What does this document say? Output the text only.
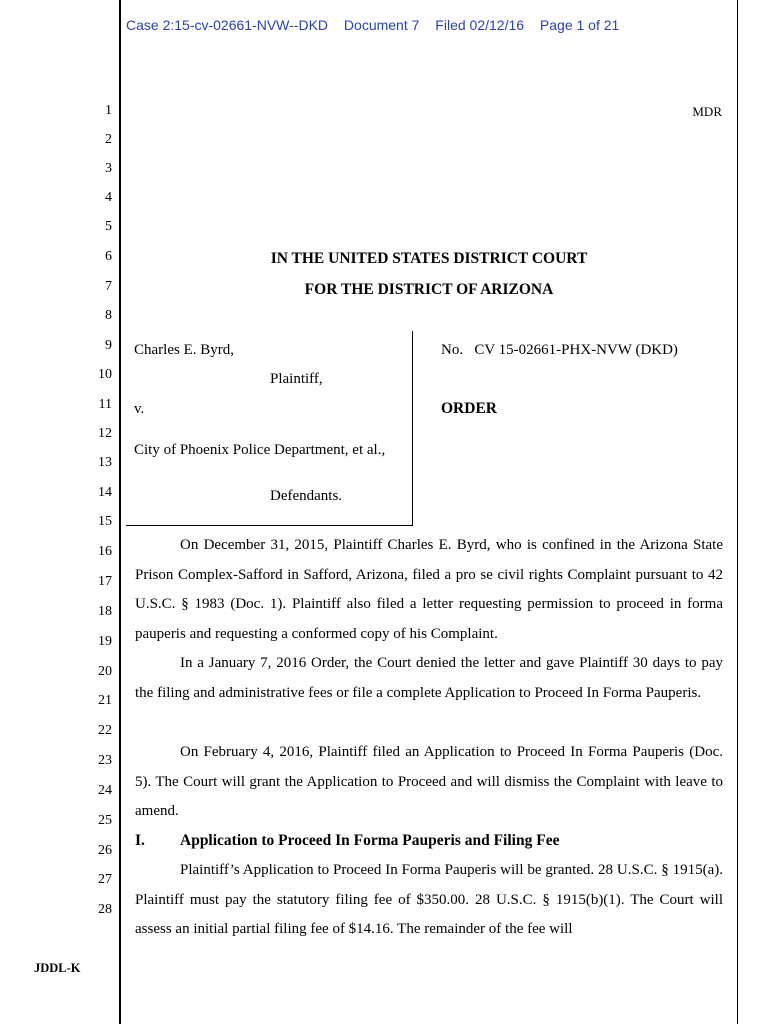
Case 2:15-cv-02661-NVW--DKD Document 7 Filed 02/12/16 Page 1 of 21
1
2
3
4
5
6
7
8
9
10
11
12
13
14
15
16
17
18
19
20
21
22
23
24
25
26
27
28
MDR
IN THE UNITED STATES DISTRICT COURT
FOR THE DISTRICT OF ARIZONA
Charles E. Byrd,
Plaintiff,
v.
City of Phoenix Police Department, et al.,
Defendants.
No.   CV 15-02661-PHX-NVW (DKD)
ORDER
On December 31, 2015, Plaintiff Charles E. Byrd, who is confined in the Arizona State Prison Complex-Safford in Safford, Arizona, filed a pro se civil rights Complaint pursuant to 42 U.S.C. § 1983 (Doc. 1). Plaintiff also filed a letter requesting permission to proceed in forma pauperis and requesting a conformed copy of his Complaint.
In a January 7, 2016 Order, the Court denied the letter and gave Plaintiff 30 days to pay the filing and administrative fees or file a complete Application to Proceed In Forma Pauperis.
On February 4, 2016, Plaintiff filed an Application to Proceed In Forma Pauperis (Doc. 5). The Court will grant the Application to Proceed and will dismiss the Complaint with leave to amend.
I. Application to Proceed In Forma Pauperis and Filing Fee
Plaintiff’s Application to Proceed In Forma Pauperis will be granted. 28 U.S.C. § 1915(a). Plaintiff must pay the statutory filing fee of $350.00. 28 U.S.C. § 1915(b)(1). The Court will assess an initial partial filing fee of $14.16. The remainder of the fee will
JDDL-K
